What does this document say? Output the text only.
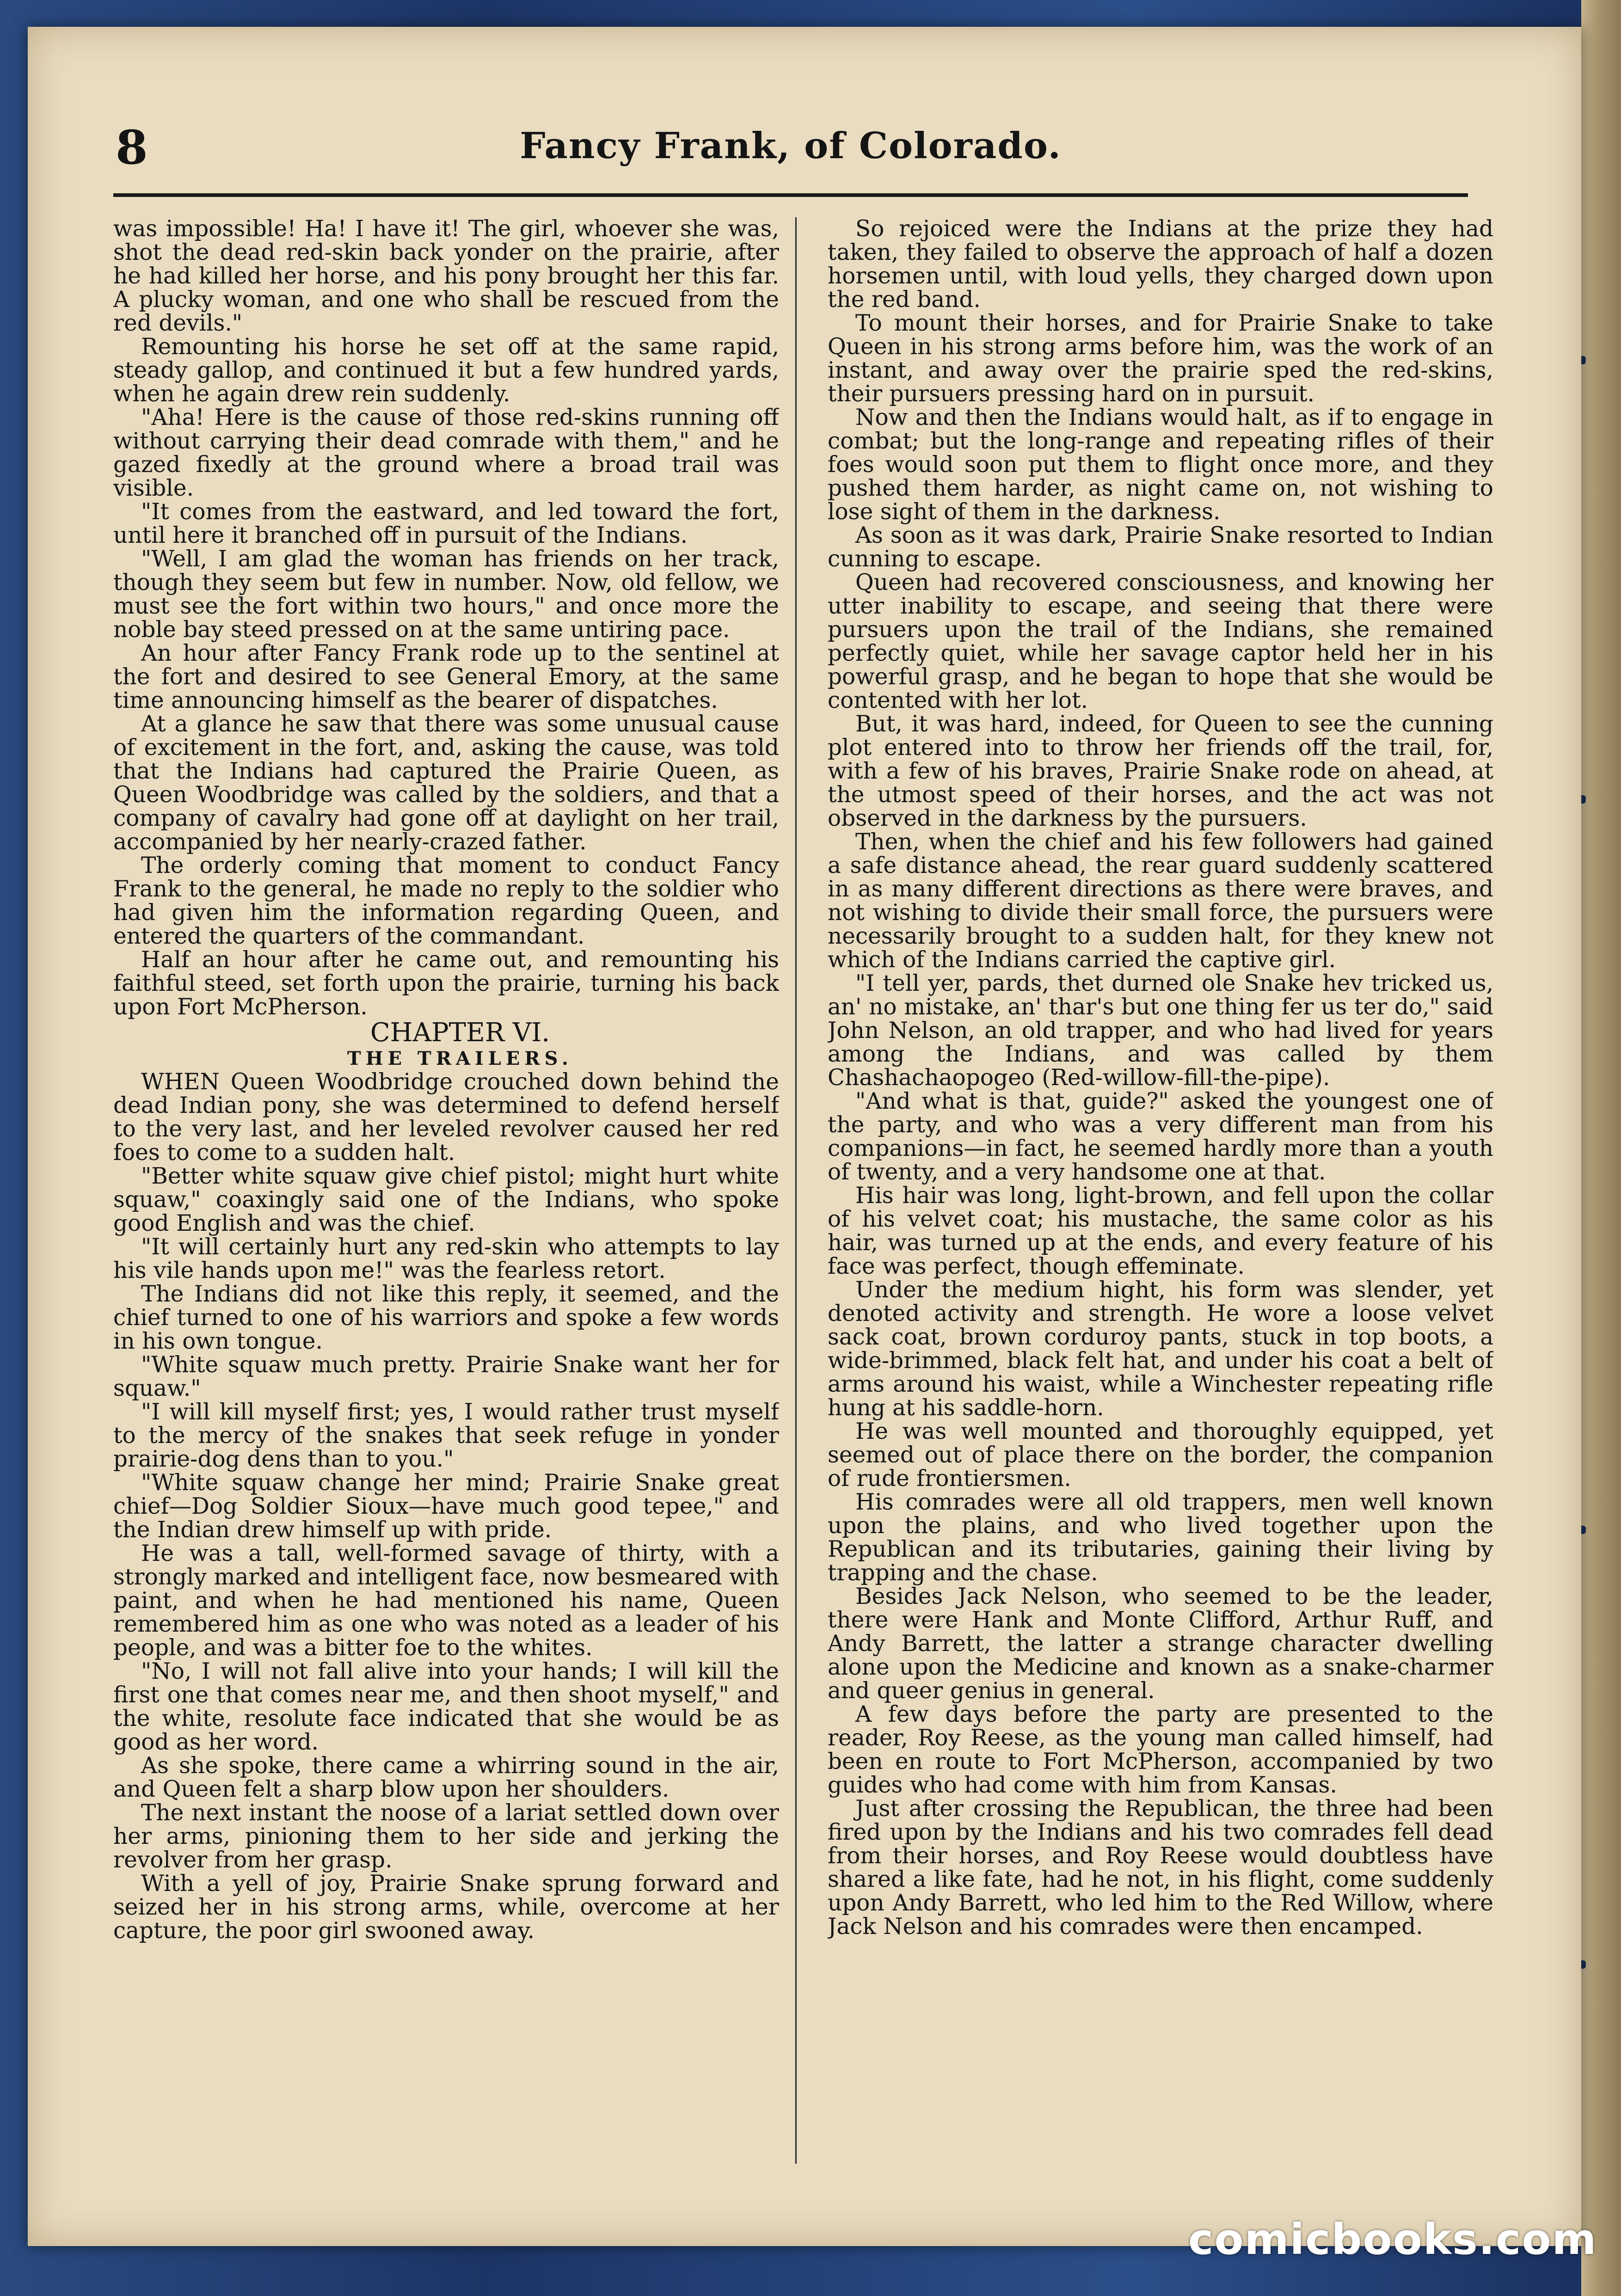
8	Fancy Frank, of Colorado.

was impossible! Ha! I have it! The girl, whoever she was, shot the dead red-skin back yonder on the prairie, after he had killed her horse, and his pony brought her this far. A plucky woman, and one who shall be rescued from the red devils."

Remounting his horse he set off at the same rapid, steady gallop, and continued it but a few hundred yards, when he again drew rein suddenly.

"Aha! Here is the cause of those red-skins running off without carrying their dead comrade with them," and he gazed fixedly at the ground where a broad trail was visible.

"It comes from the eastward, and led toward the fort, until here it branched off in pursuit of the Indians.

"Well, I am glad the woman has friends on her track, though they seem but few in number. Now, old fellow, we must see the fort within two hours," and once more the noble bay steed pressed on at the same untiring pace.

An hour after Fancy Frank rode up to the sentinel at the fort and desired to see General Emory, at the same time announcing himself as the bearer of dispatches.

At a glance he saw that there was some unusual cause of excitement in the fort, and, asking the cause, was told that the Indians had captured the Prairie Queen, as Queen Woodbridge was called by the soldiers, and that a company of cavalry had gone off at daylight on her trail, accompanied by her nearly-crazed father.

The orderly coming that moment to conduct Fancy Frank to the general, he made no reply to the soldier who had given him the information regarding Queen, and entered the quarters of the commandant.

Half an hour after he came out, and remounting his faithful steed, set forth upon the prairie, turning his back upon Fort McPherson.

CHAPTER VI.

THE TRAILERS.

WHEN Queen Woodbridge crouched down behind the dead Indian pony, she was determined to defend herself to the very last, and her leveled revolver caused her red foes to come to a sudden halt.

"Better white squaw give chief pistol; might hurt white squaw," coaxingly said one of the Indians, who spoke good English and was the chief.

"It will certainly hurt any red-skin who attempts to lay his vile hands upon me!" was the fearless retort.

The Indians did not like this reply, it seemed, and the chief turned to one of his warriors and spoke a few words in his own tongue.

"White squaw much pretty. Prairie Snake want her for squaw."

"I will kill myself first; yes, I would rather trust myself to the mercy of the snakes that seek refuge in yonder prairie-dog dens than to you."

"White squaw change her mind; Prairie Snake great chief—Dog Soldier Sioux—have much good tepee," and the Indian drew himself up with pride.

He was a tall, well-formed savage of thirty, with a strongly marked and intelligent face, now besmeared with paint, and when he had mentioned his name, Queen remembered him as one who was noted as a leader of his people, and was a bitter foe to the whites.

"No, I will not fall alive into your hands; I will kill the first one that comes near me, and then shoot myself," and the white, resolute face indicated that she would be as good as her word.

As she spoke, there came a whirring sound in the air, and Queen felt a sharp blow upon her shoulders.

The next instant the noose of a lariat settled down over her arms, pinioning them to her side and jerking the revolver from her grasp.

With a yell of joy, Prairie Snake sprung forward and seized her in his strong arms, while, overcome at her capture, the poor girl swooned away.

So rejoiced were the Indians at the prize they had taken, they failed to observe the approach of half a dozen horsemen until, with loud yells, they charged down upon the red band.

To mount their horses, and for Prairie Snake to take Queen in his strong arms before him, was the work of an instant, and away over the prairie sped the red-skins, their pursuers pressing hard on in pursuit.

Now and then the Indians would halt, as if to engage in combat; but the long-range and repeating rifles of their foes would soon put them to flight once more, and they pushed them harder, as night came on, not wishing to lose sight of them in the darkness.

As soon as it was dark, Prairie Snake resorted to Indian cunning to escape.

Queen had recovered consciousness, and knowing her utter inability to escape, and seeing that there were pursuers upon the trail of the Indians, she remained perfectly quiet, while her savage captor held her in his powerful grasp, and he began to hope that she would be contented with her lot.

But, it was hard, indeed, for Queen to see the cunning plot entered into to throw her friends off the trail, for, with a few of his braves, Prairie Snake rode on ahead, at the utmost speed of their horses, and the act was not observed in the darkness by the pursuers.

Then, when the chief and his few followers had gained a safe distance ahead, the rear guard suddenly scattered in as many different directions as there were braves, and not wishing to divide their small force, the pursuers were necessarily brought to a sudden halt, for they knew not which of the Indians carried the captive girl.

"I tell yer, pards, thet durned ole Snake hev tricked us, an' no mistake, an' thar's but one thing fer us ter do," said John Nelson, an old trapper, and who had lived for years among the Indians, and was called by them Chashachaopogeo (Red-willow-fill-the-pipe).

"And what is that, guide?" asked the youngest one of the party, and who was a very different man from his companions—in fact, he seemed hardly more than a youth of twenty, and a very handsome one at that.

His hair was long, light-brown, and fell upon the collar of his velvet coat; his mustache, the same color as his hair, was turned up at the ends, and every feature of his face was perfect, though effeminate.

Under the medium hight, his form was slender, yet denoted activity and strength. He wore a loose velvet sack coat, brown corduroy pants, stuck in top boots, a wide-brimmed, black felt hat, and under his coat a belt of arms around his waist, while a Winchester repeating rifle hung at his saddle-horn.

He was well mounted and thoroughly equipped, yet seemed out of place there on the border, the companion of rude frontiersmen.

His comrades were all old trappers, men well known upon the plains, and who lived together upon the Republican and its tributaries, gaining their living by trapping and the chase.

Besides Jack Nelson, who seemed to be the leader, there were Hank and Monte Clifford, Arthur Ruff, and Andy Barrett, the latter a strange character dwelling alone upon the Medicine and known as a snake-charmer and queer genius in general.

A few days before the party are presented to the reader, Roy Reese, as the young man called himself, had been en route to Fort McPherson, accompanied by two guides who had come with him from Kansas.

Just after crossing the Republican, the three had been fired upon by the Indians and his two comrades fell dead from their horses, and Roy Reese would doubtless have shared a like fate, had he not, in his flight, come suddenly upon Andy Barrett, who led him to the Red Willow, where Jack Nelson and his comrades were then encamped.

comicbooks.com
